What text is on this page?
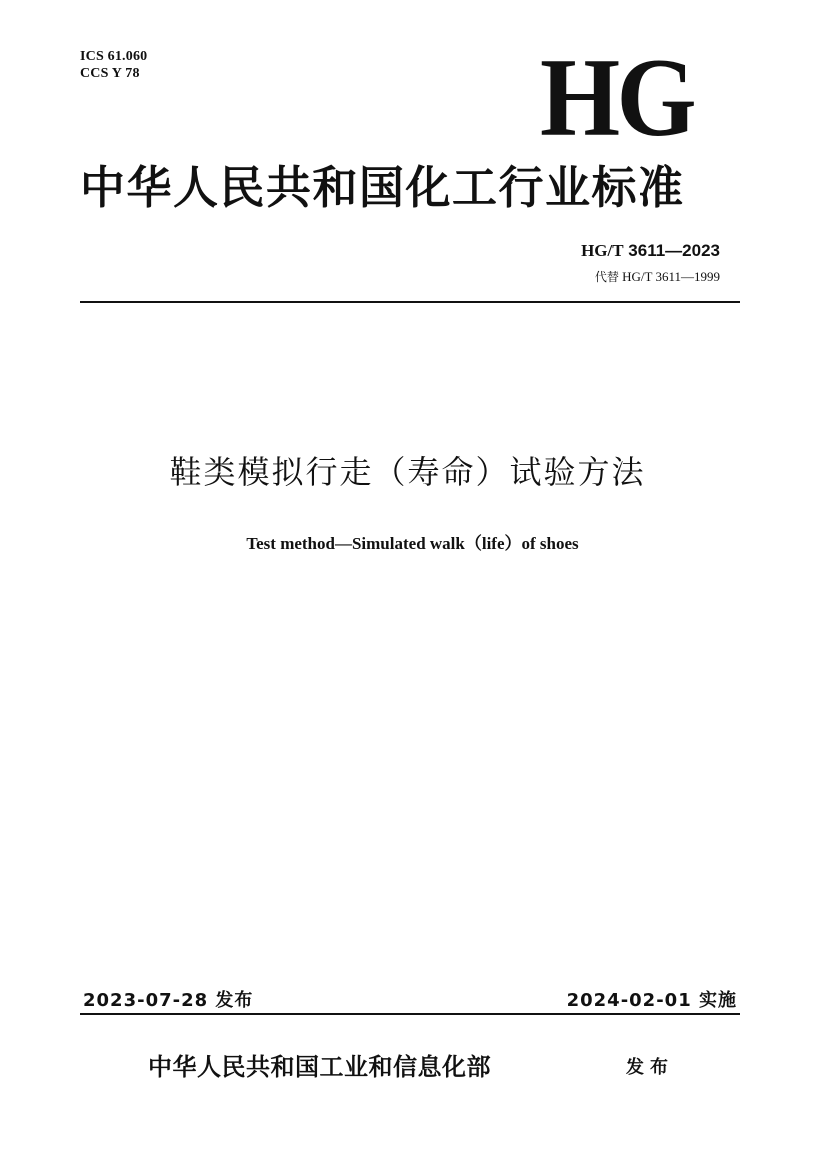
ICS 61.060
CCS Y 78	HG
中华人民共和国化工行业标准
HG/T 3611—2023
代替 HG/T 3611—1999
鞋类模拟行走（寿命）试验方法
Test method—Simulated walk（life）of shoes
2023-07-28 发布	2024-02-01 实施
中华人民共和国工业和信息化部	发布
